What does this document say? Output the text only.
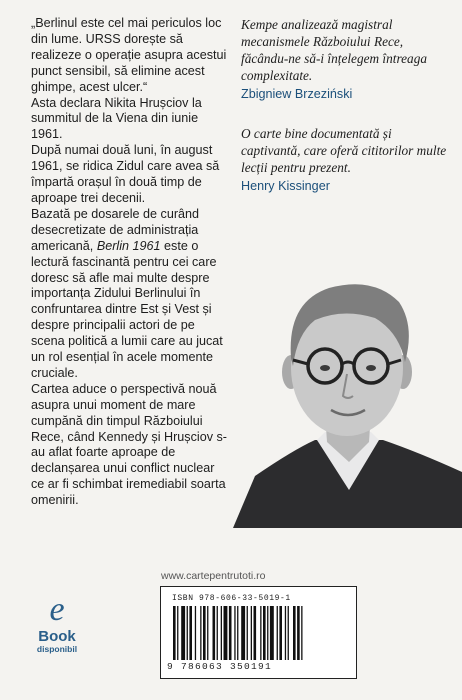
„Berlinul este cel mai periculos loc din lume. URSS dorește să realizeze o operație asupra acestui punct sensibil, să elimine acest ghimpe, acest ulcer.“

Asta declara Nikita Hrușciov la summitul de la Viena din iunie 1961.

După numai două luni, în august 1961, se ridica Zidul care avea să împartă orașul în două timp de aproape trei decenii.

Bazată pe dosarele de curând desecretizate de administrația americană, Berlin 1961 este o lectură fascinantă pentru cei care doresc să afle mai multe despre importanța Zidului Berlinului în confruntarea dintre Est și Vest și despre principalii actori de pe scena politică a lumii care au jucat un rol esențial în acele momente cruciale.

Cartea aduce o perspectivă nouă asupra unui moment de mare cumpănă din timpul Războiului Rece, când Kennedy și Hrușciov s-au aflat foarte aproape de declanșarea unui conflict nuclear ce ar fi schimbat iremediabil soarta omenirii.

Kempe analizează magistral mecanismele Războiului Rece, făcându-ne să-i înțelegem întreaga complexitate.

Zbigniew Brzeziński

O carte bine documentată și captivantă, care oferă cititorilor multe lecții pentru prezent.

Henry Kissinger

www.cartepentrutoti.ro
e
Book
disponibil
ISBN 978-606-33-5019-1
9 786063 350191
